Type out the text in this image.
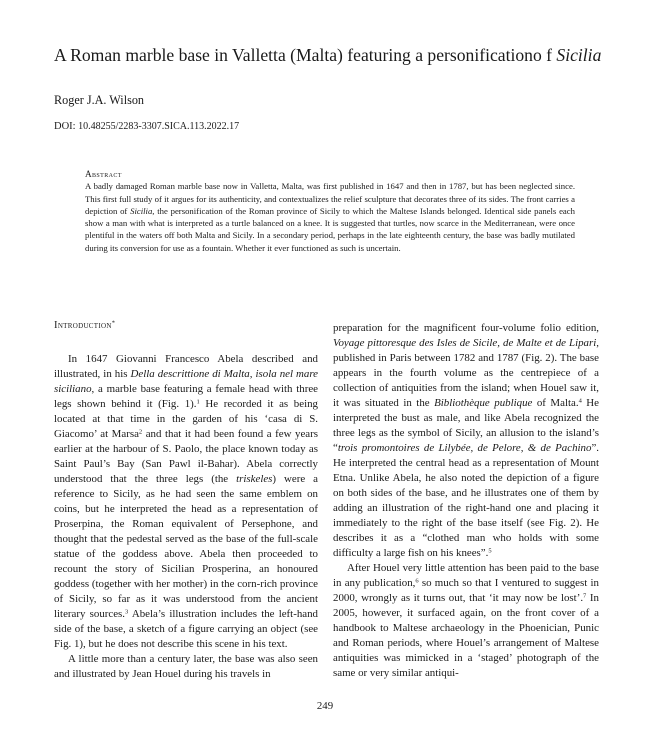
A Roman marble base in Valletta (Malta) featuring a personificationo f Sicilia

Roger J.A. Wilson

DOI: 10.48255/2283-3307.SICA.113.2022.17

Abstract

A badly damaged Roman marble base now in Valletta, Malta, was first published in 1647 and then in 1787, but has been neglected since. This first full study of it argues for its authenticity, and contextualizes the relief sculpture that decorates three of its sides. The front carries a depiction of Sicilia, the personification of the Roman province of Sicily to which the Maltese Islands belonged. Identical side panels each show a man with what is interpreted as a turtle balanced on a knee. It is suggested that turtles, now scarce in the Mediterranean, were once plentiful in the waters off both Malta and Sicily. In a secondary period, perhaps in the late eighteenth century, the base was badly mutilated during its conversion for use as a fountain. Whether it ever functioned as such is uncertain.

Introduction*

In 1647 Giovanni Francesco Abela described and illustrated, in his Della descrittione di Malta, isola nel mare siciliano, a marble base featuring a female head with three legs shown behind it (Fig. 1).$^1$ He recorded it as being located at that time in the garden of his ‘casa di S. Giacomo’ at Marsa$^2$ and that it had been found a few years earlier at the harbour of S. Paolo, the place known today as Saint Paul’s Bay (San Pawl il-Bahar). Abela correctly understood that the three legs (the triskeles) were a reference to Sicily, as he had seen the same emblem on coins, but he interpreted the head as a representation of Proserpina, the Roman equivalent of Persephone, and thought that the pedestal served as the base of the full-scale statue of the goddess above. Abela then proceeded to recount the story of Sicilian Prosperina, an honoured goddess (together with her mother) in the corn-rich province of Sicily, so far as it was understood from the ancient literary sources.$^3$ Abela’s illustration includes the left-hand side of the base, a sketch of a figure carrying an object (see Fig. 1), but he does not describe this scene in his text.

A little more than a century later, the base was also seen and illustrated by Jean Houel during his travels in

preparation for the magnificent four-volume folio edition, Voyage pittoresque des Isles de Sicile, de Malte et de Lipari, published in Paris between 1782 and 1787 (Fig. 2). The base appears in the fourth volume as the centrepiece of a collection of antiquities from the island; when Houel saw it, it was situated in the Bibliothèque publique of Malta.$^4$ He interpreted the bust as male, and like Abela recognized the three legs as the symbol of Sicily, an allusion to the island’s “trois promontoires de Lilybée, de Pelore, & de Pachino”. He interpreted the central head as a representation of Mount Etna. Unlike Abela, he also noted the depiction of a figure on both sides of the base, and he illustrates one of them by adding an illustration of the right-hand one and placing it immediately to the right of the base itself (see Fig. 2). He describes it as a “clothed man who holds with some difficulty a large fish on his knees”.$^5$

After Houel very little attention has been paid to the base in any publication,$^6$ so much so that I ventured to suggest in 2000, wrongly as it turns out, that ‘it may now be lost’.$^7$ In 2005, however, it surfaced again, on the front cover of a handbook to Maltese archaeology in the Phoenician, Punic and Roman periods, where Houel’s arrangement of Maltese antiquities was mimicked in a ‘staged’ photograph of the same or very similar antiqui-

249
